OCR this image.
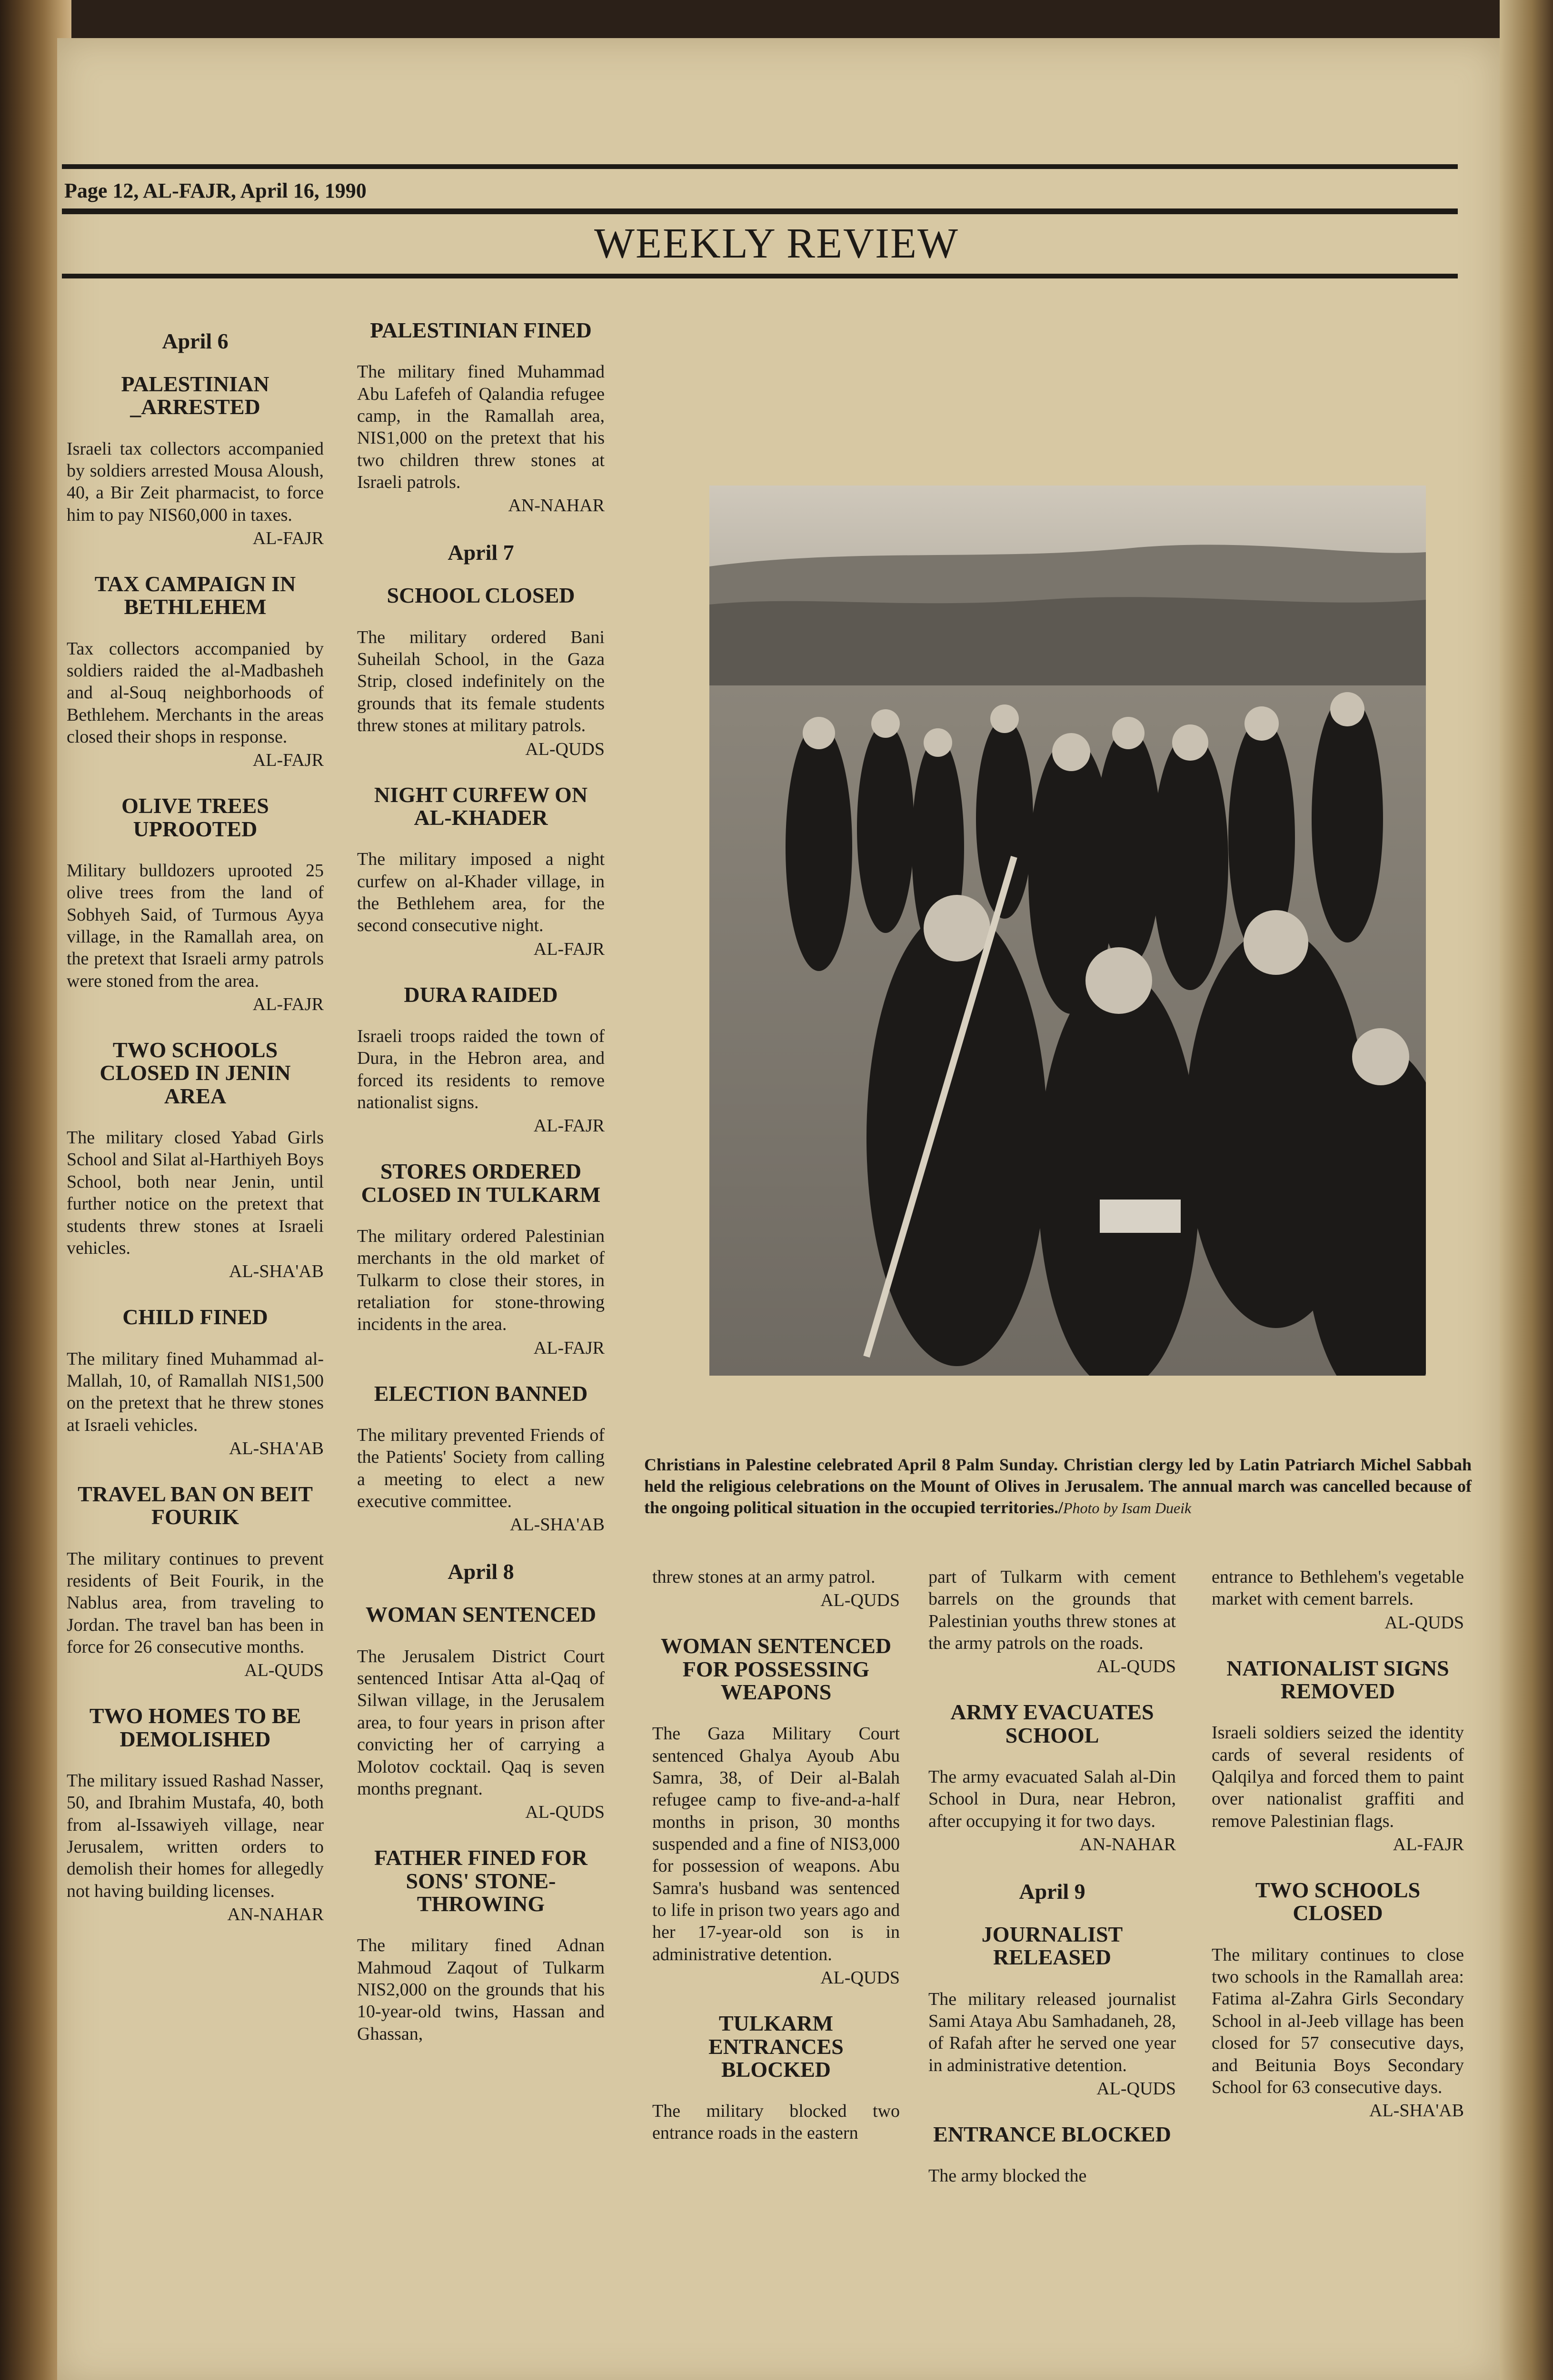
Page 12, AL-FAJR, April 16, 1990
WEEKLY REVIEW
April 6
PALESTINIAN _ARRESTED

Israeli tax collectors accompanied by soldiers arrested Mousa Aloush, 40, a Bir Zeit pharmacist, to force him to pay NIS60,000 in taxes.

AL-FAJR
TAX CAMPAIGN IN BETHLEHEM

Tax collectors accompanied by soldiers raided the al-Madbasheh and al-Souq neighborhoods of Bethlehem. Merchants in the areas closed their shops in response.

AL-FAJR
OLIVE TREES UPROOTED

Military bulldozers uprooted 25 olive trees from the land of Sobhyeh Said, of Turmous Ayya village, in the Ramallah area, on the pretext that Israeli army patrols were stoned from the area.

AL-FAJR
TWO SCHOOLS CLOSED IN JENIN AREA

The military closed Yabad Girls School and Silat al-Harthiyeh Boys School, both near Jenin, until further notice on the pretext that students threw stones at Israeli vehicles.

AL-SHA'AB
CHILD FINED

The military fined Muhammad al-Mallah, 10, of Ramallah NIS1,500 on the pretext that he threw stones at Israeli vehicles.

AL-SHA'AB
TRAVEL BAN ON BEIT FOURIK

The military continues to prevent residents of Beit Fourik, in the Nablus area, from traveling to Jordan. The travel ban has been in force for 26 consecutive months.

AL-QUDS
TWO HOMES TO BE DEMOLISHED

The military issued Rashad Nasser, 50, and Ibrahim Mustafa, 40, both from al-Issawiyeh village, near Jerusalem, written orders to demolish their homes for allegedly not having building licenses.

AN-NAHAR
PALESTINIAN FINED

The military fined Muhammad Abu Lafefeh of Qalandia refugee camp, in the Ramallah area, NIS1,000 on the pretext that his two children threw stones at Israeli patrols.

AN-NAHAR
April 7
SCHOOL CLOSED

The military ordered Bani Suheilah School, in the Gaza Strip, closed indefinitely on the grounds that its female students threw stones at military patrols.

AL-QUDS
NIGHT CURFEW ON AL-KHADER

The military imposed a night curfew on al-Khader village, in the Bethlehem area, for the second consecutive night.

AL-FAJR
DURA RAIDED

Israeli troops raided the town of Dura, in the Hebron area, and forced its residents to remove nationalist signs.

AL-FAJR
STORES ORDERED CLOSED IN TULKARM

The military ordered Palestinian merchants in the old market of Tulkarm to close their stores, in retaliation for stone-throwing incidents in the area.

AL-FAJR
ELECTION BANNED

The military prevented Friends of the Patients' Society from calling a meeting to elect a new executive committee.

AL-SHA'AB
April 8
WOMAN SENTENCED

The Jerusalem District Court sentenced Intisar Atta al-Qaq of Silwan village, in the Jerusalem area, to four years in prison after convicting her of carrying a Molotov cocktail. Qaq is seven months pregnant.

AL-QUDS
FATHER FINED FOR SONS' STONE-THROWING

The military fined Adnan Mahmoud Zaqout of Tulkarm NIS2,000 on the grounds that his 10-year-old twins, Hassan and Ghassan,

Christians in Palestine celebrated April 8 Palm Sunday. Christian clergy led by Latin Patriarch Michel Sabbah held the religious celebrations on the Mount of Olives in Jerusalem. The annual march was cancelled because of the ongoing political situation in the occupied territories./Photo by Isam Dueik

threw stones at an army patrol.

AL-QUDS
WOMAN SENTENCED FOR POSSESSING WEAPONS

The Gaza Military Court sentenced Ghalya Ayoub Abu Samra, 38, of Deir al-Balah refugee camp to five-and-a-half months in prison, 30 months suspended and a fine of NIS3,000 for possession of weapons. Abu Samra's husband was sentenced to life in prison two years ago and her 17-year-old son is in administrative detention.

AL-QUDS
TULKARM ENTRANCES BLOCKED

The military blocked two entrance roads in the eastern

part of Tulkarm with cement barrels on the grounds that Palestinian youths threw stones at the army patrols on the roads.

AL-QUDS
ARMY EVACUATES SCHOOL

The army evacuated Salah al-Din School in Dura, near Hebron, after occupying it for two days.

AN-NAHAR
April 9
JOURNALIST RELEASED

The military released journalist Sami Ataya Abu Samhadaneh, 28, of Rafah after he served one year in administrative detention.

AL-QUDS
ENTRANCE BLOCKED

The army blocked the

entrance to Bethlehem's vegetable market with cement barrels.

AL-QUDS
NATIONALIST SIGNS REMOVED

Israeli soldiers seized the identity cards of several residents of Qalqilya and forced them to paint over nationalist graffiti and remove Palestinian flags.

AL-FAJR
TWO SCHOOLS CLOSED

The military continues to close two schools in the Ramallah area: Fatima al-Zahra Girls Secondary School in al-Jeeb village has been closed for 57 consecutive days, and Beitunia Boys Secondary School for 63 consecutive days.

AL-SHA'AB
